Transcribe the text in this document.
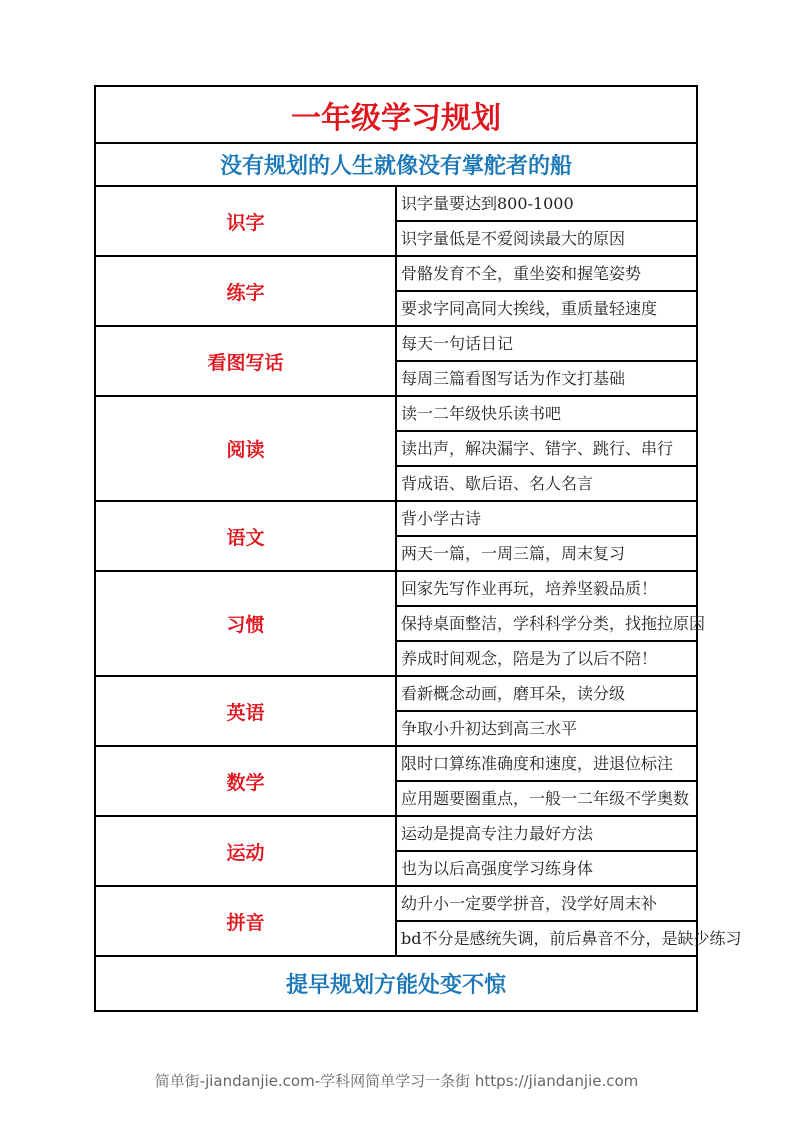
一年级学习规划	
没有规划的人生就像没有掌舵者的船	
识字	识字量要达到800-1000
	识字量低是不爱阅读最大的原因
练字	骨骼发育不全，重坐姿和握笔姿势
	要求字同高同大挨线，重质量轻速度
看图写话	每天一句话日记
	每周三篇看图写话为作文打基础
阅读	读一二年级快乐读书吧
	读出声，解决漏字、错字、跳行、串行
	背成语、歇后语、名人名言
语文	背小学古诗
	两天一篇，一周三篇，周末复习
习惯	回家先写作业再玩，培养坚毅品质！
	保持桌面整洁，学科科学分类，找拖拉原因
	养成时间观念，陪是为了以后不陪！
英语	看新概念动画，磨耳朵，读分级
	争取小升初达到高三水平
数学	限时口算练准确度和速度，进退位标注
	应用题要圈重点，一般一二年级不学奥数
运动	运动是提高专注力最好方法
	也为以后高强度学习练身体
拼音	幼升小一定要学拼音，没学好周末补
	bd不分是感统失调，前后鼻音不分，是缺少练习
提早规划方能处变不惊	
简单街-jiandanjie.com-学科网简单学习一条街 https://jiandanjie.com
